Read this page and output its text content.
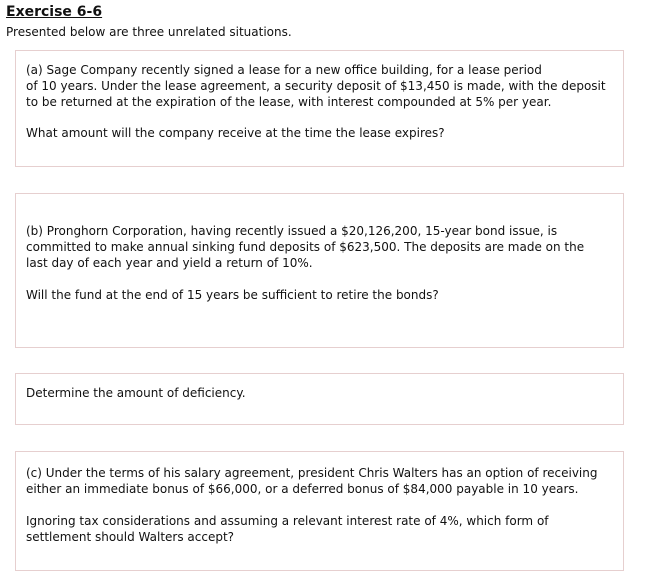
Exercise 6-6
Presented below are three unrelated situations.

(a) Sage Company recently signed a lease for a new office building, for a lease period

of 10 years. Under the lease agreement, a security deposit of $13,450 is made, with the deposit

to be returned at the expiration of the lease, with interest compounded at 5% per year.

What amount will the company receive at the time the lease expires?

(b) Pronghorn Corporation, having recently issued a $20,126,200, 15-year bond issue, is

committed to make annual sinking fund deposits of $623,500. The deposits are made on the

last day of each year and yield a return of 10%.

Will the fund at the end of 15 years be sufficient to retire the bonds?

Determine the amount of deficiency.

(c) Under the terms of his salary agreement, president Chris Walters has an option of receiving

either an immediate bonus of $66,000, or a deferred bonus of $84,000 payable in 10 years.

Ignoring tax considerations and assuming a relevant interest rate of 4%, which form of

settlement should Walters accept?
